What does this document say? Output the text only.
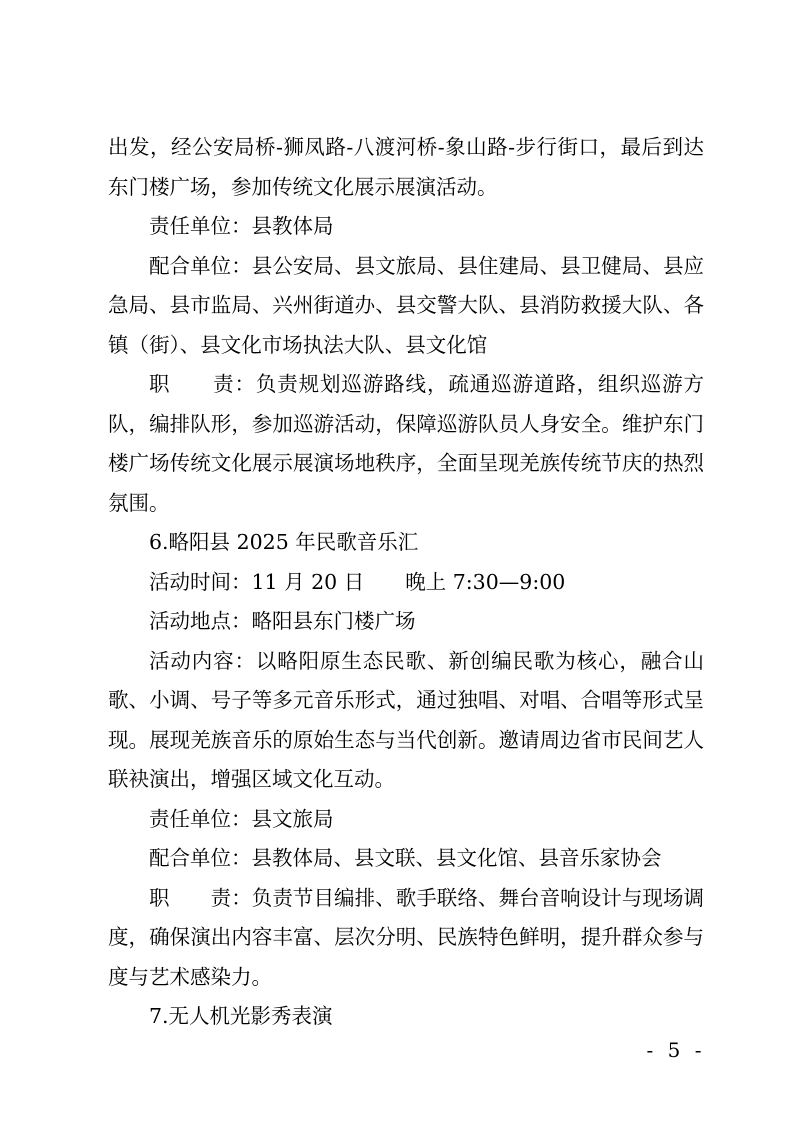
出发，经公安局桥-狮凤路-八渡河桥-象山路-步行街口，最后到达东门楼广场，参加传统文化展示展演活动。

责任单位：县教体局

配合单位：县公安局、县文旅局、县住建局、县卫健局、县应急局、县市监局、兴州街道办、县交警大队、县消防救援大队、各镇（街）、县文化市场执法大队、县文化馆

职　　责：负责规划巡游路线，疏通巡游道路，组织巡游方队，编排队形，参加巡游活动，保障巡游队员人身安全。维护东门楼广场传统文化展示展演场地秩序，全面呈现羌族传统节庆的热烈氛围。

6.略阳县 2025 年民歌音乐汇

活动时间：11 月 20 日　　晚上 7:30—9:00

活动地点：略阳县东门楼广场

活动内容：以略阳原生态民歌、新创编民歌为核心，融合山歌、小调、号子等多元音乐形式，通过独唱、对唱、合唱等形式呈现。展现羌族音乐的原始生态与当代创新。邀请周边省市民间艺人联袂演出，增强区域文化互动。

责任单位：县文旅局

配合单位：县教体局、县文联、县文化馆、县音乐家协会

职　　责：负责节目编排、歌手联络、舞台音响设计与现场调度，确保演出内容丰富、层次分明、民族特色鲜明，提升群众参与度与艺术感染力。

7.无人机光影秀表演

- 5 -
